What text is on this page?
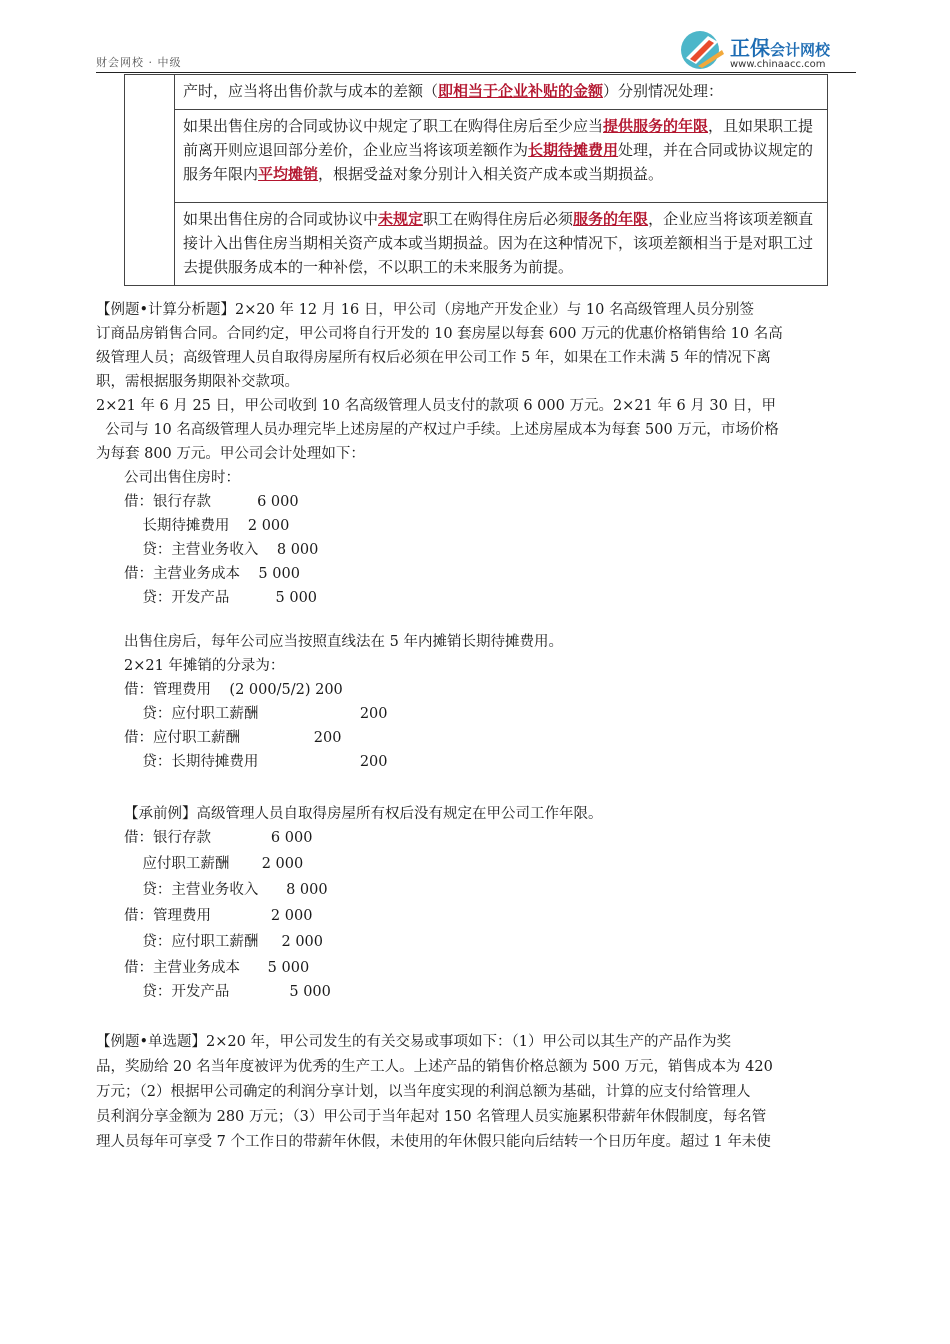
财会网校 · 中级
正保会计网校
www.chinaacc.com
	产时，应当将出售价款与成本的差额（即相当于企业补贴的金额）分别情况处理：
如果出售住房的合同或协议中规定了职工在购得住房后至少应当提供服务的年限，且如果职工提前离开则应退回部分差价，企业应当将该项差额作为长期待摊费用处理，并在合同或协议规定的服务年限内平均摊销，根据受益对象分别计入相关资产成本或当期损益。
如果出售住房的合同或协议中未规定职工在购得住房后必须服务的年限，企业应当将该项差额直接计入出售住房当期相关资产成本或当期损益。因为在这种情况下，该项差额相当于是对职工过去提供服务成本的一种补偿，不以职工的未来服务为前提。
【例题•计算分析题】2×20 年 12 月 16 日，甲公司（房地产开发企业）与 10 名高级管理人员分别签
订商品房销售合同。合同约定，甲公司将自行开发的 10 套房屋以每套 600 万元的优惠价格销售给 10 名高
级管理人员；高级管理人员自取得房屋所有权后必须在甲公司工作 5 年，如果在工作未满 5 年的情况下离
职，需根据服务期限补交款项。
2×21 年 6 月 25 日，甲公司收到 10 名高级管理人员支付的款项 6 000 万元。2×21 年 6 月 30 日，甲
公司与 10 名高级管理人员办理完毕上述房屋的产权过户手续。上述房屋成本为每套 500 万元，市场价格
为每套 800 万元。甲公司会计处理如下：
公司出售住房时：
借：银行存款          6 000
长期待摊费用    2 000
贷：主营业务收入    8 000
借：主营业务成本    5 000
贷：开发产品          5 000
出售住房后，每年公司应当按照直线法在 5 年内摊销长期待摊费用。
2×21 年摊销的分录为：
借：管理费用    (2 000/5/2) 200
贷：应付职工薪酬                      200
借：应付职工薪酬                200
贷：长期待摊费用                      200
【承前例】高级管理人员自取得房屋所有权后没有规定在甲公司工作年限。
借：银行存款             6 000
应付职工薪酬       2 000
贷：主营业务收入      8 000
借：管理费用             2 000
贷：应付职工薪酬     2 000
借：主营业务成本      5 000
贷：开发产品             5 000
【例题•单选题】2×20 年，甲公司发生的有关交易或事项如下：（1）甲公司以其生产的产品作为奖
品，奖励给 20 名当年度被评为优秀的生产工人。上述产品的销售价格总额为 500 万元，销售成本为 420
万元；（2）根据甲公司确定的利润分享计划，以当年度实现的利润总额为基础，计算的应支付给管理人
员利润分享金额为 280 万元；（3）甲公司于当年起对 150 名管理人员实施累积带薪年休假制度，每名管
理人员每年可享受 7 个工作日的带薪年休假，未使用的年休假只能向后结转一个日历年度。超过 1 年未使
